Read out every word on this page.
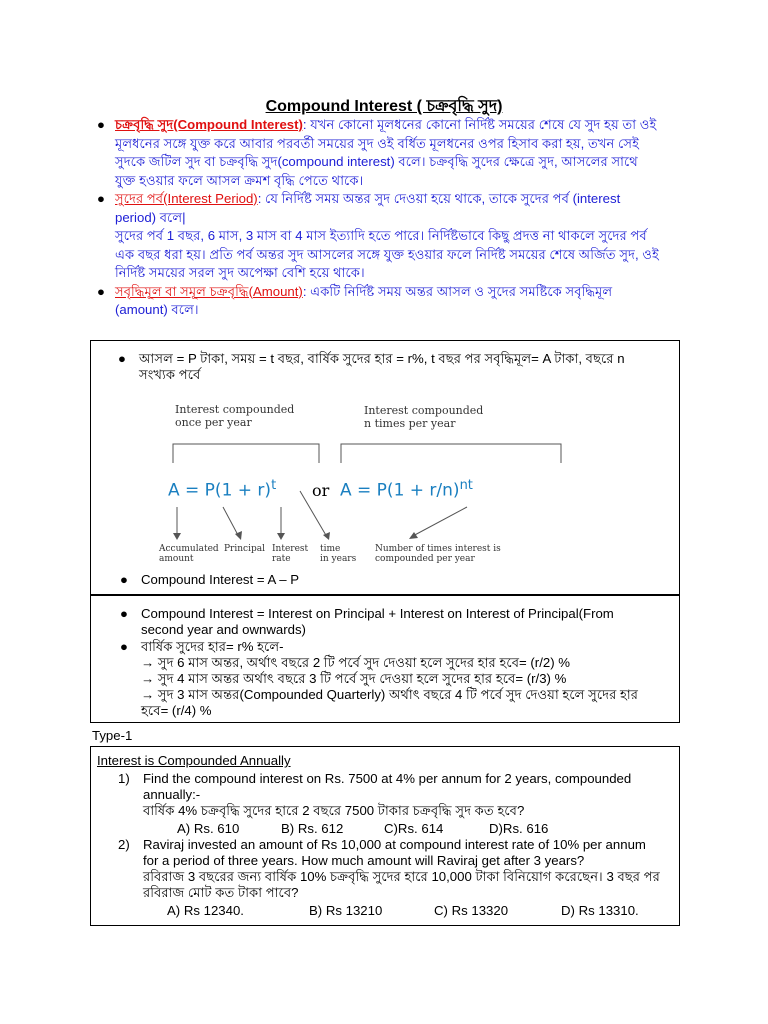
Compound Interest ( চক্রবৃদ্ধি সুদ)
● চক্রবৃদ্ধি সুদ(Compound Interest): যখন কোনো মূলধনের কোনো নির্দিষ্ট সময়ের শেষে যে সুদ হয় তা ওই মূলধনের সঙ্গে যুক্ত করে আবার পরবর্তী সময়ের সুদ ওই বর্ধিত মূলধনের ওপর হিসাব করা হয়, তখন সেই সুদকে জটিল সুদ বা চক্রবৃদ্ধি সুদ(compound interest) বলে। চক্রবৃদ্ধি সুদের ক্ষেত্রে সুদ, আসলের সাথে যুক্ত হওয়ার ফলে আসল ক্রমশ বৃদ্ধি পেতে থাকে।
● সুদের পর্ব(Interest Period): যে নির্দিষ্ট সময় অন্তর সুদ দেওয়া হয়ে থাকে, তাকে সুদের পর্ব (interest period) বলে|
সুদের পর্ব 1 বছর, 6 মাস, 3 মাস বা 4 মাস ইত্যাদি হতে পারে। নির্দিষ্টভাবে কিছু প্রদত্ত না থাকলে সুদের পর্ব এক বছর ধরা হয়। প্রতি পর্ব অন্তর সুদ আসলের সঙ্গে যুক্ত হওয়ার ফলে নির্দিষ্ট সময়ের শেষে অর্জিত সুদ, ওই নির্দিষ্ট সময়ের সরল সুদ অপেক্ষা বেশি হয়ে থাকে।
● সবৃদ্ধিমূল বা সমূল চক্রবৃদ্ধি(Amount): একটি নির্দিষ্ট সময় অন্তর আসল ও সুদের সমষ্টিকে সবৃদ্ধিমূল (amount) বলে।
● আসল = P টাকা, সময় = t বছর, বার্ষিক সুদের হার = r%, t বছর পর সবৃদ্ধিমূল= A টাকা, বছরে n সংখ্যক পর্বে
Interest compounded
once per year
Interest compounded
n times per year
$A = P(1 + r)^t$ or $A = P(1 + r/n)^{nt}$
Accumulated
amount
Principal Interest
rate
time
in years
Number of times interest is
compounded per year
● Compound Interest = A – P
● Compound Interest = Interest on Principal + Interest on Interest of Principal(From second year and ownwards)
● বার্ষিক সুদের হার= r% হলে-
→ সুদ 6 মাস অন্তর, অর্থাৎ বছরে 2 টি পর্বে সুদ দেওয়া হলে সুদের হার হবে= (r/2) %
→ সুদ 4 মাস অন্তর অর্থাৎ বছরে 3 টি পর্বে সুদ দেওয়া হলে সুদের হার হবে= (r/3) %
→ সুদ 3 মাস অন্তর(Compounded Quarterly) অর্থাৎ বছরে 4 টি পর্বে সুদ দেওয়া হলে সুদের হার হবে= (r/4) %
Type-1
Interest is Compounded Annually
1) Find the compound interest on Rs. 7500 at 4% per annum for 2 years, compounded annually:-
বার্ষিক 4% চক্রবৃদ্ধি সুদের হারে 2 বছরে 7500 টাকার চক্রবৃদ্ধি সুদ কত হবে?
A) Rs. 610	B) Rs. 612	C)Rs. 614	D)Rs. 616
2) Raviraj invested an amount of Rs 10,000 at compound interest rate of 10% per annum for a period of three years. How much amount will Raviraj get after 3 years?
রবিরাজ 3 বছরের জন্য বার্ষিক 10% চক্রবৃদ্ধি সুদের হারে 10,000 টাকা বিনিয়োগ করেছেন। 3 বছর পর রবিরাজ মোট কত টাকা পাবে?
A) Rs 12340.	B) Rs 13210	C) Rs 13320	D) Rs 13310.
